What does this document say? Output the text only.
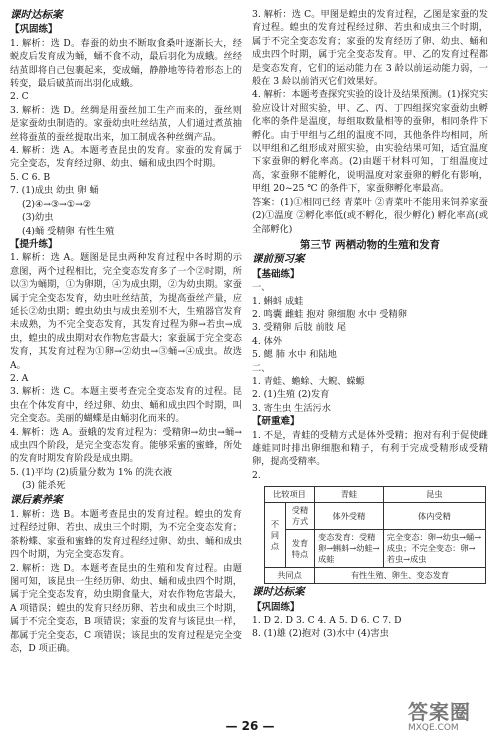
课时达标案
【巩固练】

1. 解析：选 D。春蚕的幼虫不断取食桑叶逐渐长大，经蜕皮后发育成为蛹，蛹不食不动，最后羽化为成蛾。丝经结茧即将自己包裹起来，变成蛹，静静地等待着形态上的转变，最后破茧而出羽化成蛾。

2. C

3. 解析：选 D。丝绸是用蚕丝加工生产而来的，蚕丝则是家蚕幼虫制造的。家蚕幼虫吐丝结茧，人们通过煮茧抽丝将蚕茧的蚕丝提取出来，加工制成各种丝绸产品。

4. 解析：选 A。本题考查昆虫的发育。家蚕的发育属于完全变态，发育经过卵、幼虫、蛹和成虫四个时期。

5. C 6. B

7. (1)成虫 幼虫 卵 蛹

(2)④→③→①→②

(3)幼虫

(4)蛹 受精卵 有性生殖

【提升练】

1. 解析：选 A。题图是昆虫两种发育过程中各时期的示意图，两个过程相比，完全变态发育多了一个②时期，所以③为蛹期，①为卵期，④为成虫期，②为幼虫期。家蚕属于完全变态发育，幼虫吐丝结茧，为提高蚕丝产量，应延长②幼虫期；蝗虫幼虫与成虫差别不大，生殖器官发育未成熟，为不完全变态发育，其发育过程为卵→若虫→成虫，蝗虫的成虫期对农作物危害最大；家蚕属于完全变态发育，其发育过程为①卵→②幼虫→③蛹→④成虫。故选 A。

2. A

3. 解析：选 C。本题主要考查完全变态发育的过程。昆虫在个体发育中，经过卵、幼虫、蛹和成虫四个时期，叫完全变态。美丽的蝴蝶是由蛹羽化而来的。

4. 解析：选 A。蚕蛾的发育过程为：受精卵→幼虫→蛹→成虫四个阶段，是完全变态发育。能够采蜜的蜜蜂，所处的发育时期发育阶段是成虫期。

5. (1)平均 (2)质量分数为 1% 的洗衣液

(3) 能杀死

课后素养案

1. 解析：选 B。本题考查昆虫的发育过程。蝗虫的发育过程经过卵、若虫、成虫三个时期，为不完全变态发育；茶粉蝶、家蚕和蜜蜂的发育过程经过卵、幼虫、蛹和成虫四个时期，为完全变态发育。

2. 解析：选 D。本题考查昆虫的生殖和发育过程。由题图可知，该昆虫一生经历卵、幼虫、蛹和成虫四个时期，属于完全变态发育，幼虫期食量大，对农作物危害最大，A 项错误；蝗虫的发育只经历卵、若虫和成虫三个时期，属于不完全变态，B 项错误；家蚕的发育与该昆虫一样，都属于完全变态，C 项错误；该昆虫的发育过程是完全变态，D 项正确。

3. 解析：选 C。甲图是蝗虫的发育过程，乙图是家蚕的发育过程。蝗虫的发育过程经过卵、若虫和成虫三个时期，属于不完全变态发育；家蚕的发育经历了卵、幼虫、蛹和成虫四个时期，属于完全变态发育。甲、乙的发育过程都是变态发育，它们的运动能力在 3 龄以前运动能力弱，一般在 3 龄以前消灭它们效果好。

4. 解析：本题考查探究实验的设计及结果预测。(1)探究实验应设计对照实验，甲、乙、丙、丁四组探究家蚕幼虫孵化率的条件是温度，每组取数量相等的蚕卵，相同条件下孵化。由于甲组与乙组的温度不同，其他条件均相同，所以甲组和乙组形成对照实验，由实验结果可知，适宜温度下家蚕卵的孵化率高。(2)由题干材料可知，丁组温度过高，家蚕卵不能孵化，说明温度对家蚕卵的孵化有影响，甲组 20~25 ℃ 的条件下，家蚕卵孵化率最高。

答案：(1)①相同已经 青菜叶 ②青菜叶不能用来饲养家蚕 (2)①温度 ②孵化率低(或不孵化，很少孵化) 孵化率高(或全部孵化)

第三节 两栖动物的生殖和发育
课前预习案
【基础练】

一、

1. 蝌蚪 成蛙

2. 鸣囊 雌蛙 抱对 卵细胞 水中 受精卵

3. 受精卵 后肢 前肢 尾

4. 体外

5. 鳃 肺 水中 和陆地

二、

1. 青蛙、蟾蜍、大鲵、蝾螈

2. (1)生殖 (2)发育

3. 寄生虫 生活污水

【研重难】

1. 不是，青蛙的受精方式是体外受精；抱对有利于促使雌雄蛙同时排出卵细胞和精子，有利于完成受精形成受精卵，提高受精率。

2.

比较项目		青蛙	昆虫
不同点	受精方式	体外受精	体内受精
	发育特点	变态发育：受精卵→蝌蚪→幼蛙→成蛙	完全变态：卵→幼虫→蛹→成虫；不完全变态：卵→若虫→成虫
共同点		有性生殖、卵生、变态发育	
课时达标案
【巩固练】

1. D 2. D 3. C 4. A 5. D 6. C 7. D

8. (1)雄 (2)抱对 (3)水中 (4)害虫

— 26 —
答案圈
MXQE.COM
